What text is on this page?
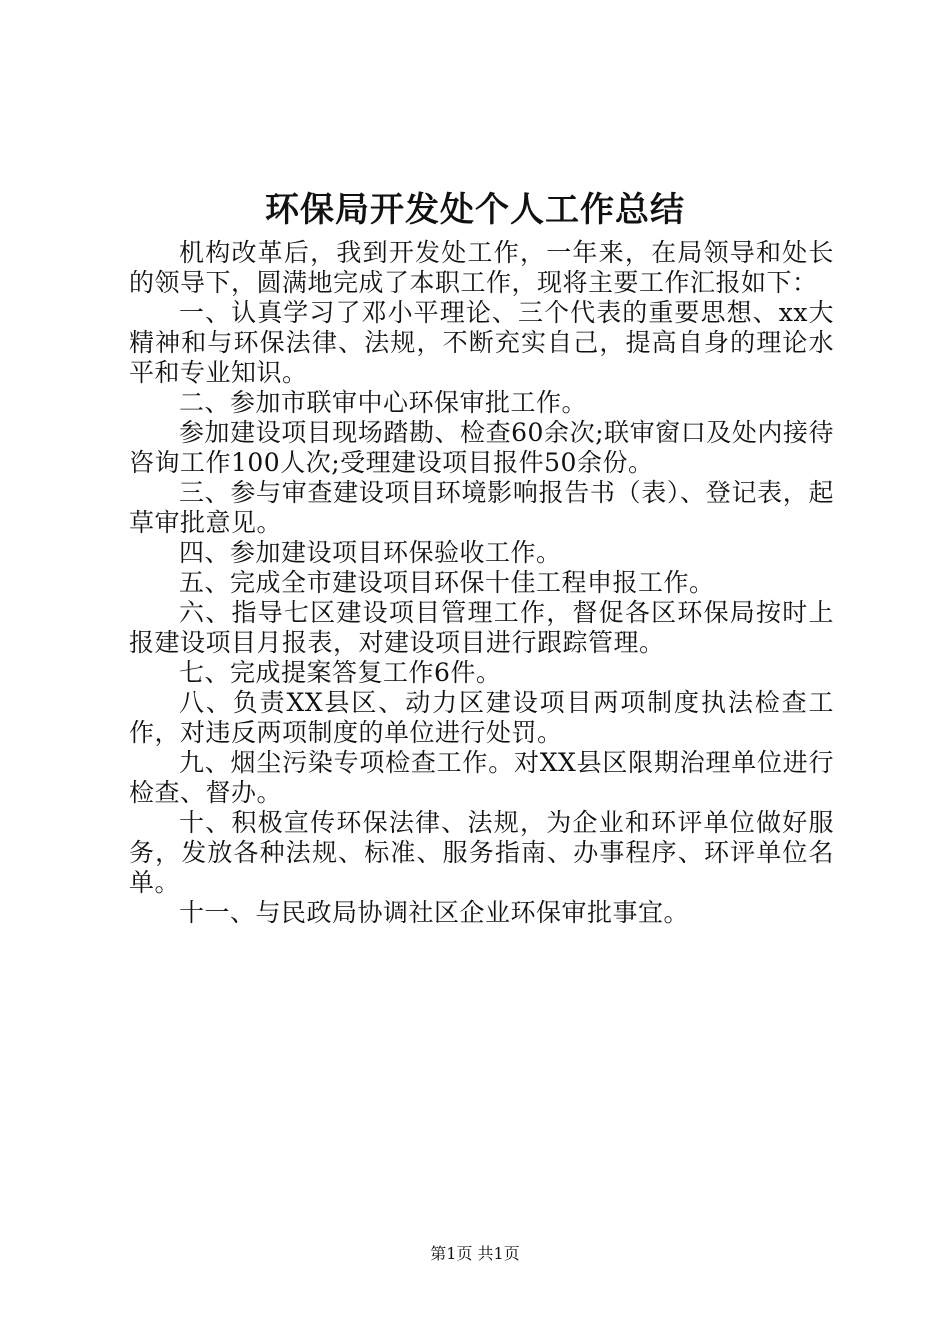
环保局开发处个人工作总结

机构改革后，我到开发处工作，一年来，在局领导和处长的领导下，圆满地完成了本职工作，现将主要工作汇报如下：

一、认真学习了邓小平理论、三个代表的重要思想、xx大精神和与环保法律、法规，不断充实自己，提高自身的理论水平和专业知识。

二、参加市联审中心环保审批工作。

参加建设项目现场踏勘、检查60余次;联审窗口及处内接待咨询工作100人次;受理建设项目报件50余份。

三、参与审查建设项目环境影响报告书（表）、登记表，起草审批意见。

四、参加建设项目环保验收工作。

五、完成全市建设项目环保十佳工程申报工作。

六、指导七区建设项目管理工作，督促各区环保局按时上报建设项目月报表，对建设项目进行跟踪管理。

七、完成提案答复工作6件。

八、负责XX县区、动力区建设项目两项制度执法检查工作，对违反两项制度的单位进行处罚。

九、烟尘污染专项检查工作。对XX县区限期治理单位进行检查、督办。

十、积极宣传环保法律、法规，为企业和环评单位做好服务，发放各种法规、标准、服务指南、办事程序、环评单位名单。

十一、与民政局协调社区企业环保审批事宜。

第1页 共1页
